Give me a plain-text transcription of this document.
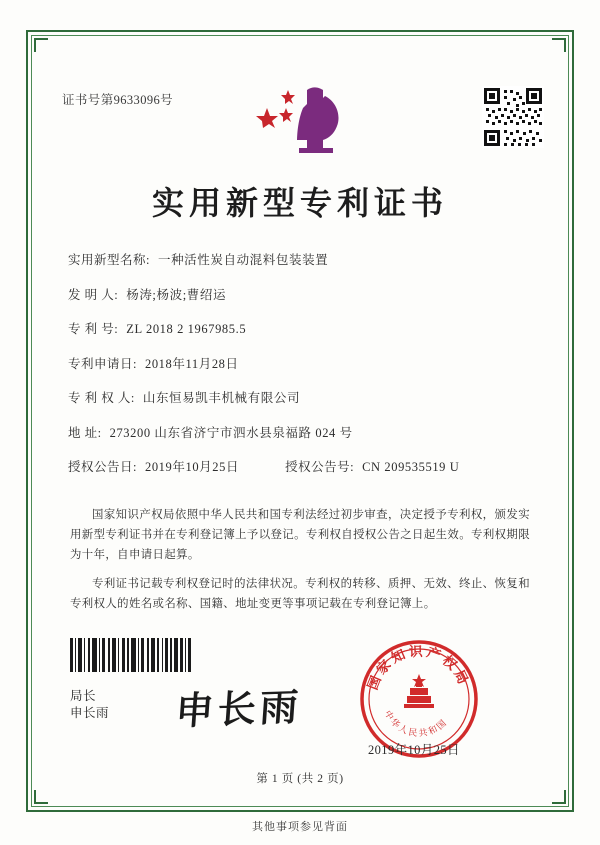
证书号第9633096号
实用新型专利证书
实用新型名称: 一种活性炭自动混料包装装置
发 明 人: 杨涛;杨波;曹绍运
专 利 号: ZL 2018 2 1967985.5
专利申请日: 2018年11月28日
专 利 权 人: 山东恒易凯丰机械有限公司
地 址: 273200 山东省济宁市泗水县泉福路 024 号
授权公告日: 2019年10月25日	授权公告号: CN 209535519 U

国家知识产权局依照中华人民共和国专利法经过初步审查，决定授予专利权，颁发实用新型专利证书并在专利登记簿上予以登记。专利权自授权公告之日起生效。专利权期限为十年，自申请日起算。

专利证书记载专利权登记时的法律状况。专利权的转移、质押、无效、终止、恢复和专利权人的姓名或名称、国籍、地址变更等事项记载在专利登记簿上。

局长
申长雨 申长雨
国家知识产权局
中华人民共和国
2019年10月25日
第 1 页 (共 2 页)
其他事项参见背面
